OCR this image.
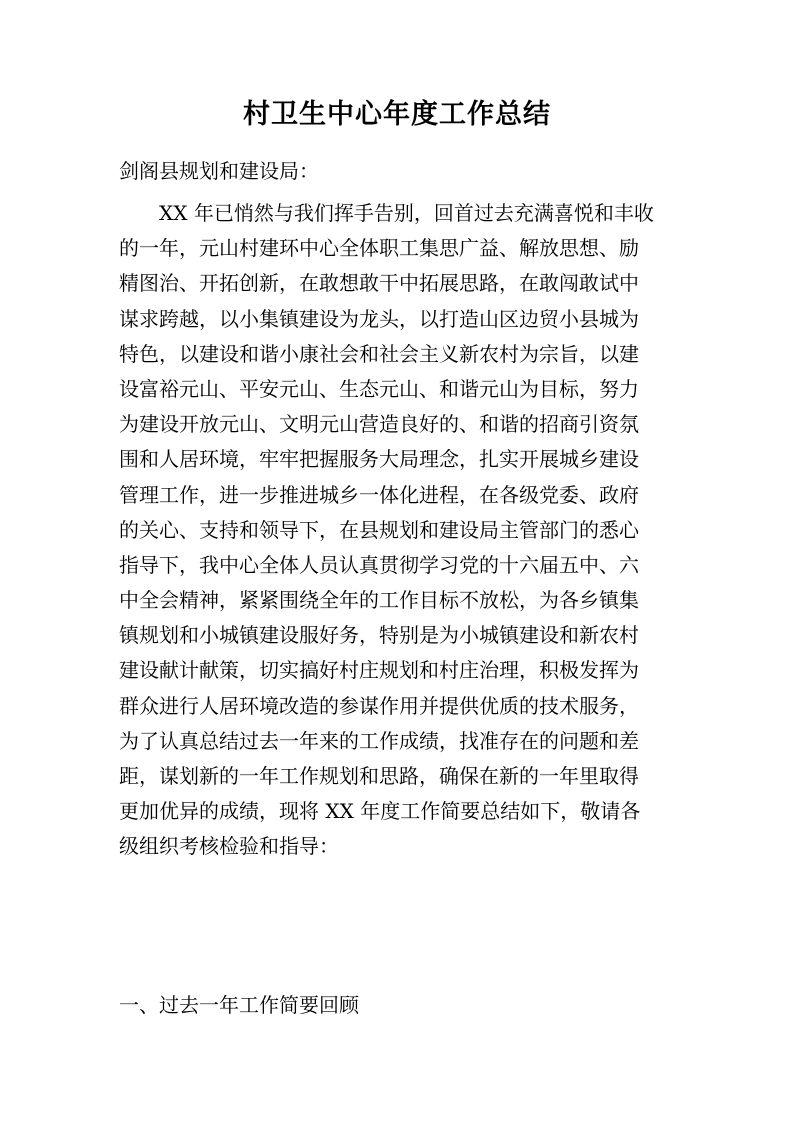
村卫生中心年度工作总结
剑阁县规划和建设局：
XX 年已悄然与我们挥手告别，回首过去充满喜悦和丰收
的一年，元山村建环中心全体职工集思广益、解放思想、励
精图治、开拓创新，在敢想敢干中拓展思路，在敢闯敢试中
谋求跨越，以小集镇建设为龙头，以打造山区边贸小县城为
特色，以建设和谐小康社会和社会主义新农村为宗旨，以建
设富裕元山、平安元山、生态元山、和谐元山为目标，努力
为建设开放元山、文明元山营造良好的、和谐的招商引资氛
围和人居环境，牢牢把握服务大局理念，扎实开展城乡建设
管理工作，进一步推进城乡一体化进程，在各级党委、政府
的关心、支持和领导下，在县规划和建设局主管部门的悉心
指导下，我中心全体人员认真贯彻学习党的十六届五中、六
中全会精神，紧紧围绕全年的工作目标不放松，为各乡镇集
镇规划和小城镇建设服好务，特别是为小城镇建设和新农村
建设献计献策，切实搞好村庄规划和村庄治理，积极发挥为
群众进行人居环境改造的参谋作用并提供优质的技术服务，
为了认真总结过去一年来的工作成绩，找准存在的问题和差
距，谋划新的一年工作规划和思路，确保在新的一年里取得
更加优异的成绩，现将 XX 年度工作简要总结如下，敬请各
级组织考核检验和指导：
一、过去一年工作简要回顾
